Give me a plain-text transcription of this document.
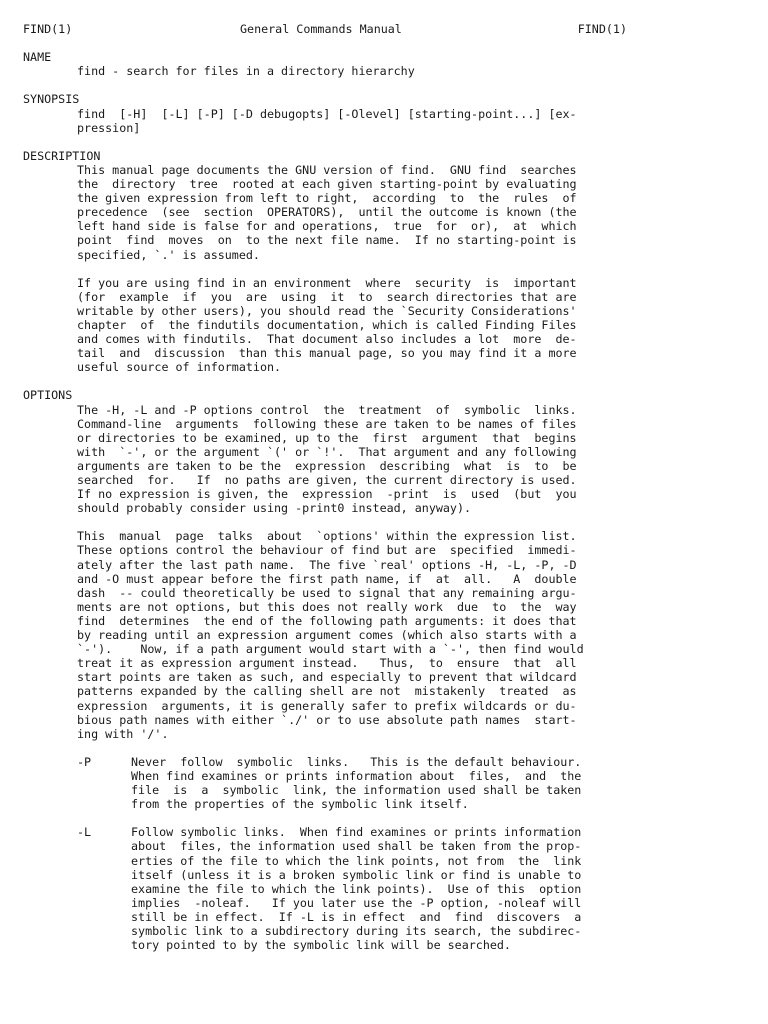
FIND(1)	General Commands Manual	FIND(1)
NAME
find - search for files in a directory hierarchy
SYNOPSIS
find  [-H]  [-L] [-P] [-D debugopts] [-Olevel] [starting-point...] [ex-
pression]
DESCRIPTION
This manual page documents the GNU version of find.  GNU find  searches
the  directory  tree  rooted at each given starting-point by evaluating
the given expression from left to right,  according  to  the  rules  of
precedence  (see  section  OPERATORS),  until the outcome is known (the
left hand side is false for and operations,  true  for  or),  at  which
point  find  moves  on  to the next file name.  If no starting-point is
specified, `.' is assumed.
If you are using find in an environment  where  security  is  important
(for  example  if  you  are  using  it  to  search directories that are
writable by other users), you should read the `Security Considerations'
chapter  of  the findutils documentation, which is called Finding Files
and comes with findutils.  That document also includes a lot  more  de-
tail  and  discussion  than this manual page, so you may find it a more
useful source of information.
OPTIONS
The -H, -L and -P options control  the  treatment  of  symbolic  links.
Command-line  arguments  following these are taken to be names of files
or directories to be examined, up to the  first  argument  that  begins
with  `-', or the argument `(' or `!'.  That argument and any following
arguments are taken to be the  expression  describing  what  is  to  be
searched  for.   If  no paths are given, the current directory is used.
If no expression is given, the  expression  -print  is  used  (but  you
should probably consider using -print0 instead, anyway).
This  manual  page  talks  about  `options' within the expression list.
These options control the behaviour of find but are  specified  immedi-
ately after the last path name.  The five `real' options -H, -L, -P, -D
and -O must appear before the first path name, if  at  all.   A  double
dash  -- could theoretically be used to signal that any remaining argu-
ments are not options, but this does not really work  due  to  the  way
find  determines  the end of the following path arguments: it does that
by reading until an expression argument comes (which also starts with a
`-').    Now, if a path argument would start with a `-', then find would
treat it as expression argument instead.   Thus,  to  ensure  that  all
start points are taken as such, and especially to prevent that wildcard
patterns expanded by the calling shell are not  mistakenly  treated  as
expression  arguments, it is generally safer to prefix wildcards or du-
bious path names with either `./' or to use absolute path names  start-
ing with '/'.
-P	Never  follow  symbolic  links.   This is the default behaviour.
When find examines or prints information about  files,  and  the
file  is  a  symbolic  link, the information used shall be taken
from the properties of the symbolic link itself.
-L	Follow symbolic links.  When find examines or prints information
about  files, the information used shall be taken from the prop-
erties of the file to which the link points, not from  the  link
itself (unless it is a broken symbolic link or find is unable to
examine the file to which the link points).  Use of this  option
implies  -noleaf.   If you later use the -P option, -noleaf will
still be in effect.  If -L is in effect  and  find  discovers  a
symbolic link to a subdirectory during its search, the subdirec-
tory pointed to by the symbolic link will be searched.
